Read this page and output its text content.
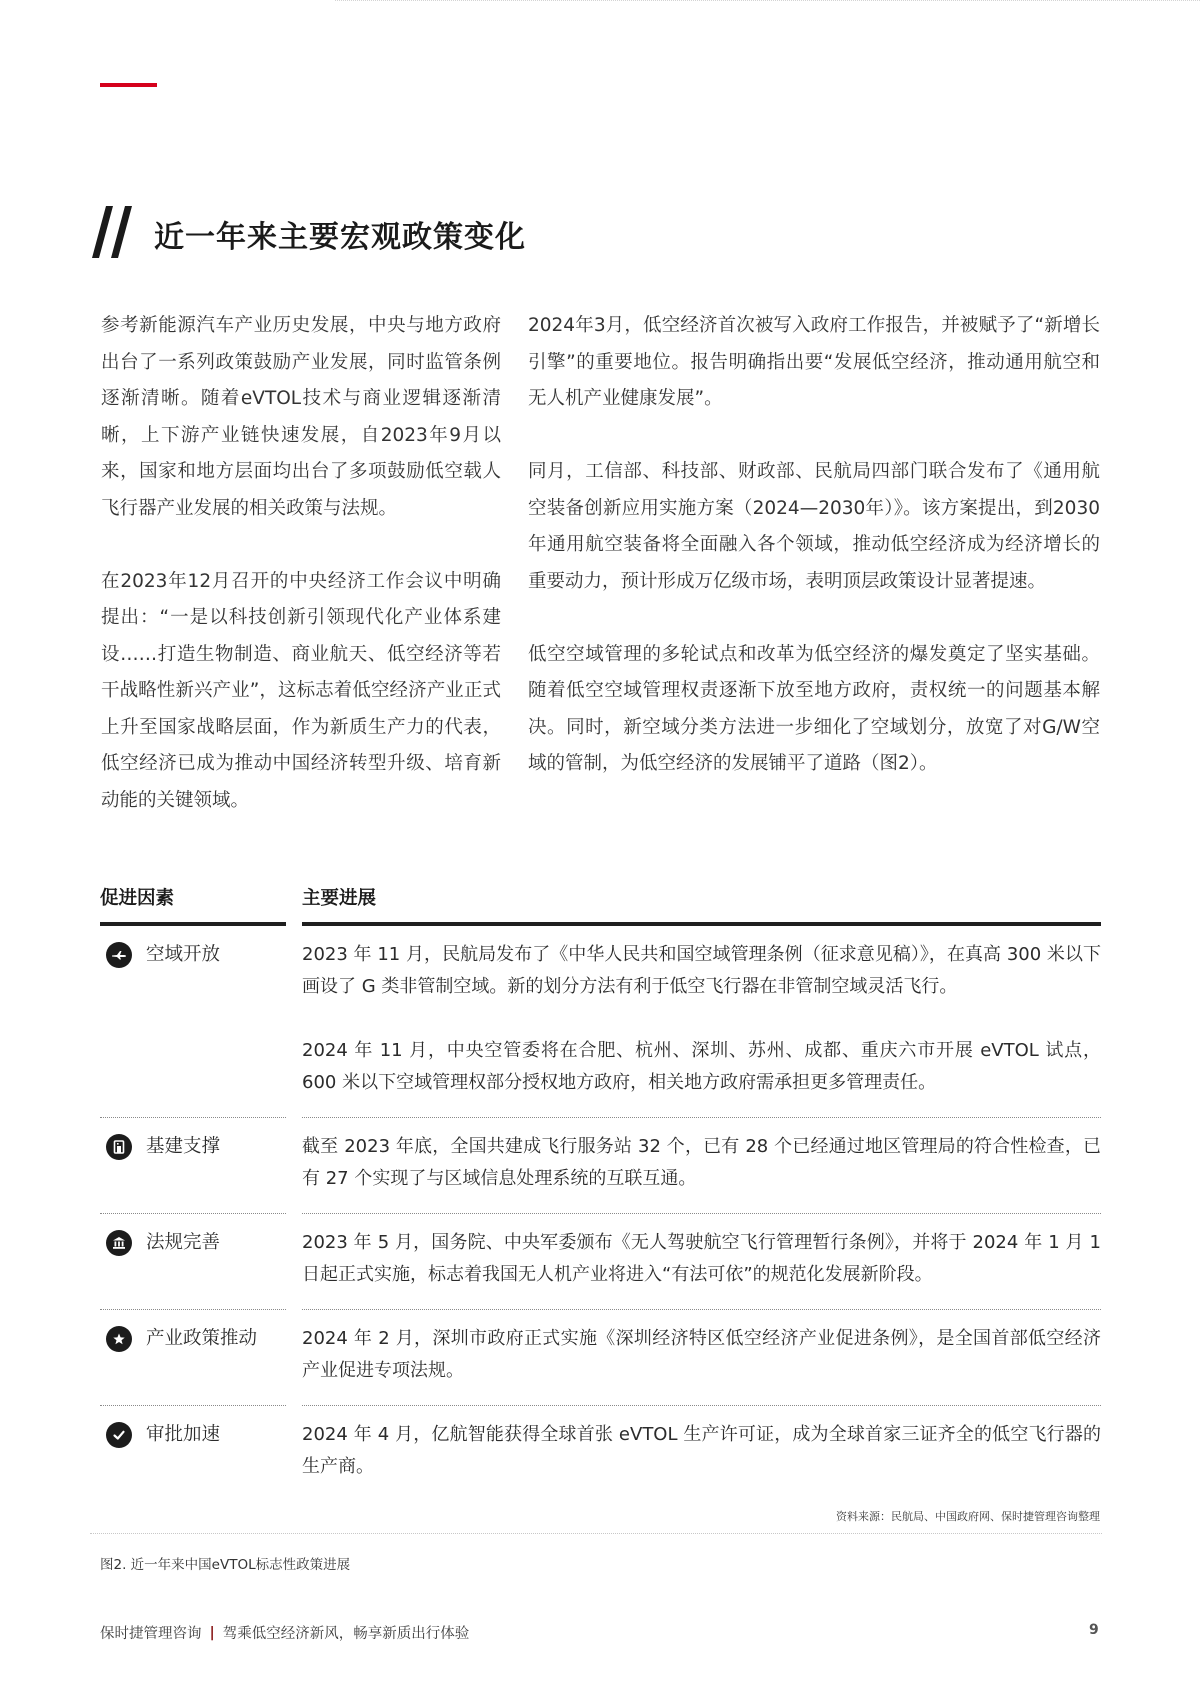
近一年来主要宏观政策变化

参考新能源汽车产业历史发展，中央与地方政府出台了一系列政策鼓励产业发展，同时监管条例逐渐清晰。随着eVTOL技术与商业逻辑逐渐清晰，上下游产业链快速发展，自2023年9月以来，国家和地方层面均出台了多项鼓励低空载人飞行器产业发展的相关政策与法规。

在2023年12月召开的中央经济工作会议中明确提出：“一是以科技创新引领现代化产业体系建设……打造生物制造、商业航天、低空经济等若干战略性新兴产业”，这标志着低空经济产业正式上升至国家战略层面，作为新质生产力的代表，低空经济已成为推动中国经济转型升级、培育新动能的关键领域。

2024年3月，低空经济首次被写入政府工作报告，并被赋予了“新增长引擎”的重要地位。报告明确指出要“发展低空经济，推动通用航空和无人机产业健康发展”。

同月，工信部、科技部、财政部、民航局四部门联合发布了《通用航空装备创新应用实施方案（2024—2030年）》。该方案提出，到2030年通用航空装备将全面融入各个领域，推动低空经济成为经济增长的重要动力，预计形成万亿级市场，表明顶层政策设计显著提速。

低空空域管理的多轮试点和改革为低空经济的爆发奠定了坚实基础。随着低空空域管理权责逐渐下放至地方政府，责权统一的问题基本解决。同时，新空域分类方法进一步细化了空域划分，放宽了对G/W空域的管制，为低空经济的发展铺平了道路（图2）。

促进因素	主要进展
空域开放	2023 年 11 月，民航局发布了《中华人民共和国空域管理条例（征求意见稿）》，在真高 300 米以下画设了 G 类非管制空域。新的划分方法有利于低空飞行器在非管制空域灵活飞行。

2024 年 11 月，中央空管委将在合肥、杭州、深圳、苏州、成都、重庆六市开展 eVTOL 试点，600 米以下空域管理权部分授权地方政府，相关地方政府需承担更多管理责任。

基建支撑	截至 2023 年底，全国共建成飞行服务站 32 个，已有 28 个已经通过地区管理局的符合性检查，已有 27 个实现了与区域信息处理系统的互联互通。

法规完善	2023 年 5 月，国务院、中央军委颁布《无人驾驶航空飞行管理暂行条例》，并将于 2024 年 1 月 1 日起正式实施，标志着我国无人机产业将进入“有法可依”的规范化发展新阶段。

产业政策推动 2024 年 2 月，深圳市政府正式实施《深圳经济特区低空经济产业促进条例》，是全国首部低空经济产业促进专项法规。

审批加速	2024 年 4 月，亿航智能获得全球首张 eVTOL 生产许可证，成为全球首家三证齐全的低空飞行器的生产商。

资料来源：民航局、中国政府网、保时捷管理咨询整理
图2. 近一年来中国eVTOL标志性政策进展
保时捷管理咨询 | 驾乘低空经济新风，畅享新质出行体验	9
